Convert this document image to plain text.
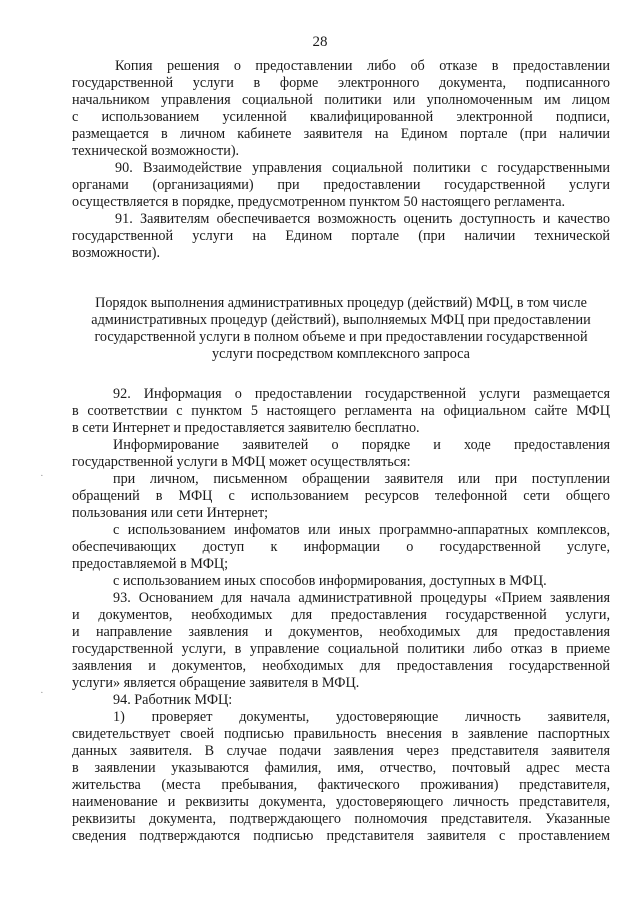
28
·
·
Копия решения о предоставлении либо об отказе в предоставлении
государственной услуги в форме электронного документа, подписанного
начальником управления социальной политики или уполномоченным им лицом
с использованием усиленной квалифицированной электронной подписи,
размещается в личном кабинете заявителя на Едином портале (при наличии
технической возможности).
90. Взаимодействие управления социальной политики с государственными
органами (организациями) при предоставлении государственной услуги
осуществляется в порядке, предусмотренном пунктом 50 настоящего регламента.
91. Заявителям обеспечивается возможность оценить доступность и качество
государственной услуги на Едином портале (при наличии технической
возможности).
Порядок выполнения административных процедур (действий) МФЦ, в том числе
административных процедур (действий), выполняемых МФЦ при предоставлении
государственной услуги в полном объеме и при предоставлении государственной
услуги посредством комплексного запроса
92. Информация о предоставлении государственной услуги размещается
в соответствии с пунктом 5 настоящего регламента на официальном сайте МФЦ
в сети Интернет и предоставляется заявителю бесплатно.
Информирование заявителей о порядке и ходе предоставления
государственной услуги в МФЦ может осуществляться:
при личном, письменном обращении заявителя или при поступлении
обращений в МФЦ с использованием ресурсов телефонной сети общего
пользования или сети Интернет;
с использованием инфоматов или иных программно-аппаратных комплексов,
обеспечивающих доступ к информации о государственной услуге,
предоставляемой в МФЦ;
с использованием иных способов информирования, доступных в МФЦ.
93. Основанием для начала административной процедуры «Прием заявления
и документов, необходимых для предоставления государственной услуги,
и направление заявления и документов, необходимых для предоставления
государственной услуги, в управление социальной политики либо отказ в приеме
заявления и документов, необходимых для предоставления государственной
услуги» является обращение заявителя в МФЦ.
94. Работник МФЦ:
1) проверяет документы, удостоверяющие личность заявителя,
свидетельствует своей подписью правильность внесения в заявление паспортных
данных заявителя. В случае подачи заявления через представителя заявителя
в заявлении указываются фамилия, имя, отчество, почтовый адрес места
жительства (места пребывания, фактического проживания) представителя,
наименование и реквизиты документа, удостоверяющего личность представителя,
реквизиты документа, подтверждающего полномочия представителя. Указанные
сведения подтверждаются подписью представителя заявителя с проставлением
